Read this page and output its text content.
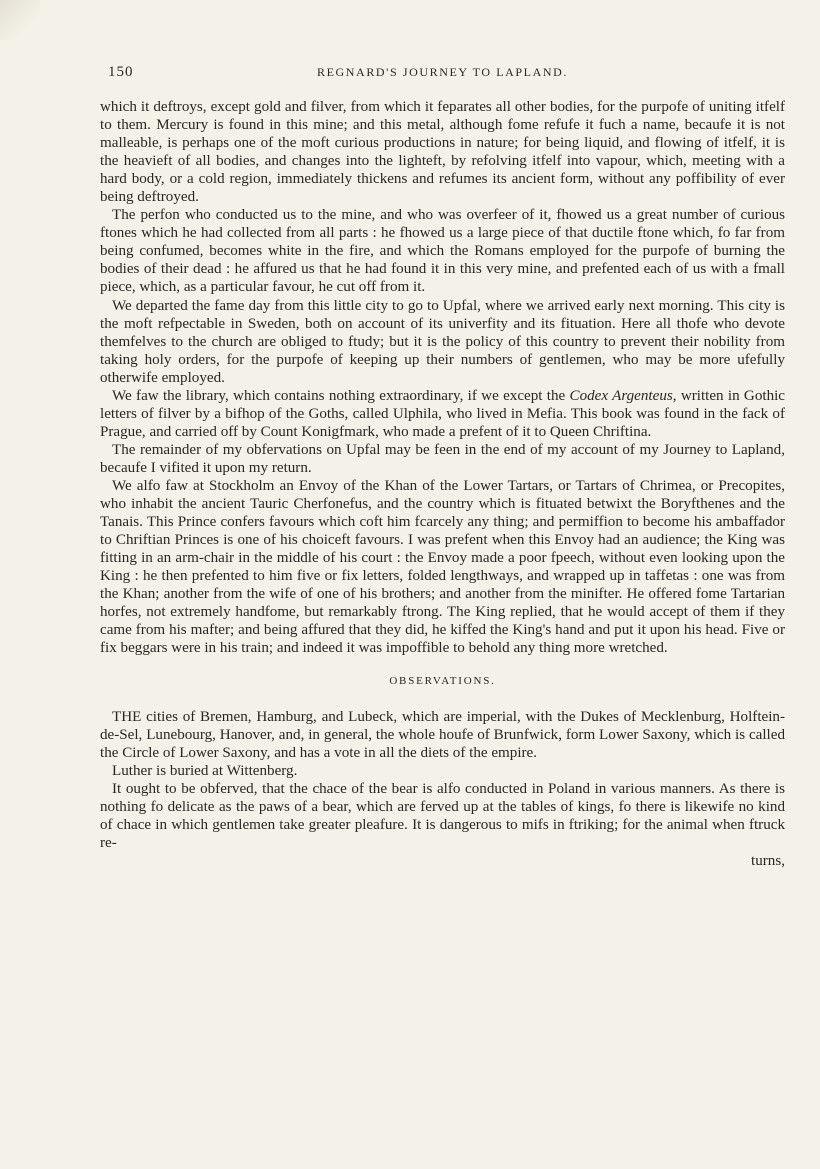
150	REGNARD'S JOURNEY TO LAPLAND.

which it deftroys, except gold and filver, from which it feparates all other bodies, for the purpofe of uniting itfelf to them. Mercury is found in this mine; and this metal, although fome refufe it fuch a name, becaufe it is not malleable, is perhaps one of the moft curious productions in nature; for being liquid, and flowing of itfelf, it is the heavieft of all bodies, and changes into the lighteft, by refolving itfelf into vapour, which, meeting with a hard body, or a cold region, immediately thickens and refumes its ancient form, without any poffibility of ever being deftroyed.

The perfon who conducted us to the mine, and who was overfeer of it, fhowed us a great number of curious ftones which he had collected from all parts : he fhowed us a large piece of that ductile ftone which, fo far from being confumed, becomes white in the fire, and which the Romans employed for the purpofe of burning the bodies of their dead : he affured us that he had found it in this very mine, and prefented each of us with a fmall piece, which, as a particular favour, he cut off from it.

We departed the fame day from this little city to go to Upfal, where we arrived early next morning. This city is the moft refpectable in Sweden, both on account of its univerfity and its fituation. Here all thofe who devote themfelves to the church are obliged to ftudy; but it is the policy of this country to prevent their nobility from taking holy orders, for the purpofe of keeping up their numbers of gentlemen, who may be more ufefully otherwife employed.

We faw the library, which contains nothing extraordinary, if we except the Codex Argenteus, written in Gothic letters of filver by a bifhop of the Goths, called Ulphila, who lived in Mefia. This book was found in the fack of Prague, and carried off by Count Konigfmark, who made a prefent of it to Queen Chriftina.

The remainder of my obfervations on Upfal may be feen in the end of my account of my Journey to Lapland, becaufe I vifited it upon my return.

We alfo faw at Stockholm an Envoy of the Khan of the Lower Tartars, or Tartars of Chrimea, or Precopites, who inhabit the ancient Tauric Cherfonefus, and the country which is fituated betwixt the Boryfthenes and the Tanais. This Prince confers favours which coft him fcarcely any thing; and permiffion to become his ambaffador to Chriftian Princes is one of his choiceft favours. I was prefent when this Envoy had an audience; the King was fitting in an arm-chair in the middle of his court : the Envoy made a poor fpeech, without even looking upon the King : he then prefented to him five or fix letters, folded lengthways, and wrapped up in taffetas : one was from the Khan; another from the wife of one of his brothers; and another from the minifter. He offered fome Tartarian horfes, not extremely handfome, but remarkably ftrong. The King replied, that he would accept of them if they came from his mafter; and being affured that they did, he kiffed the King's hand and put it upon his head. Five or fix beggars were in his train; and indeed it was impoffible to behold any thing more wretched.

OBSERVATIONS.

THE cities of Bremen, Hamburg, and Lubeck, which are imperial, with the Dukes of Mecklenburg, Holftein-de-Sel, Lunebourg, Hanover, and, in general, the whole houfe of Brunfwick, form Lower Saxony, which is called the Circle of Lower Saxony, and has a vote in all the diets of the empire.

Luther is buried at Wittenberg.

It ought to be obferved, that the chace of the bear is alfo conducted in Poland in various manners. As there is nothing fo delicate as the paws of a bear, which are ferved up at the tables of kings, fo there is likewife no kind of chace in which gentlemen take greater pleafure. It is dangerous to mifs in ftriking; for the animal when ftruck re-

turns,
